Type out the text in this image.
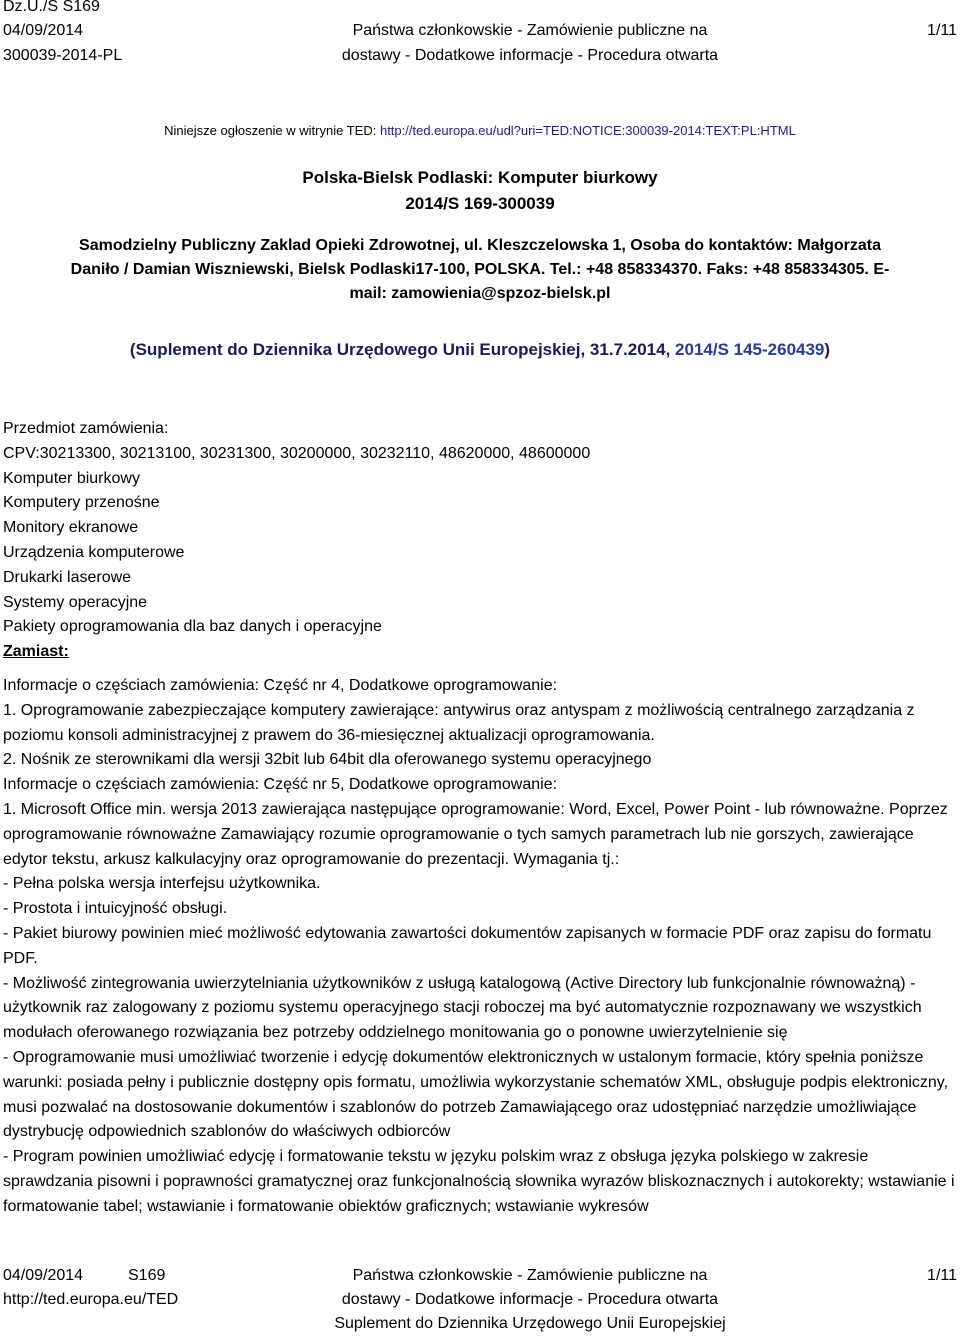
Dz.U./S S169
04/09/2014
300039-2014-PL
Państwa członkowskie - Zamówienie publiczne na
dostawy - Dodatkowe informacje - Procedura otwarta
1/11
Niniejsze ogłoszenie w witrynie TED: http://ted.europa.eu/udl?uri=TED:NOTICE:300039-2014:TEXT:PL:HTML
Polska-Bielsk Podlaski: Komputer biurkowy
2014/S 169-300039
Samodzielny Publiczny Zaklad Opieki Zdrowotnej, ul. Kleszczelowska 1, Osoba do kontaktów: Małgorzata Daniło / Damian Wiszniewski, Bielsk Podlaski17-100, POLSKA. Tel.: +48 858334370. Faks: +48 858334305. E-mail: zamowienia@spzoz-bielsk.pl
(Suplement do Dziennika Urzędowego Unii Europejskiej, 31.7.2014, 2014/S 145-260439)

Przedmiot zamówienia:

CPV:30213300, 30213100, 30231300, 30200000, 30232110, 48620000, 48600000

Komputer biurkowy

Komputery przenośne

Monitory ekranowe

Urządzenia komputerowe

Drukarki laserowe

Systemy operacyjne

Pakiety oprogramowania dla baz danych i operacyjne

Zamiast:

Informacje o częściach zamówienia: Część nr 4, Dodatkowe oprogramowanie:

1. Oprogramowanie zabezpieczające komputery zawierające: antywirus oraz antyspam z możliwością centralnego zarządzania z poziomu konsoli administracyjnej z prawem do 36-miesięcznej aktualizacji oprogramowania.

2. Nośnik ze sterownikami dla wersji 32bit lub 64bit dla oferowanego systemu operacyjnego

Informacje o częściach zamówienia: Część nr 5, Dodatkowe oprogramowanie:

1. Microsoft Office min. wersja 2013 zawierająca następujące oprogramowanie: Word, Excel, Power Point - lub równoważne. Poprzez oprogramowanie równoważne Zamawiający rozumie oprogramowanie o tych samych parametrach lub nie gorszych, zawierające edytor tekstu, arkusz kalkulacyjny oraz oprogramowanie do prezentacji. Wymagania tj.:

- Pełna polska wersja interfejsu użytkownika.

- Prostota i intuicyjność obsługi.

- Pakiet biurowy powinien mieć możliwość edytowania zawartości dokumentów zapisanych w formacie PDF oraz zapisu do formatu PDF.

- Możliwość zintegrowania uwierzytelniania użytkowników z usługą katalogową (Active Directory lub funkcjonalnie równoważną) - użytkownik raz zalogowany z poziomu systemu operacyjnego stacji roboczej ma być automatycznie rozpoznawany we wszystkich modułach oferowanego rozwiązania bez potrzeby oddzielnego monitowania go o ponowne uwierzytelnienie się

- Oprogramowanie musi umożliwiać tworzenie i edycję dokumentów elektronicznych w ustalonym formacie, który spełnia poniższe warunki: posiada pełny i publicznie dostępny opis formatu, umożliwia wykorzystanie schematów XML, obsługuje podpis elektroniczny, musi pozwalać na dostosowanie dokumentów i szablonów do potrzeb Zamawiającego oraz udostępniać narzędzie umożliwiające dystrybucję odpowiednich szablonów do właściwych odbiorców

- Program powinien umożliwiać edycję i formatowanie tekstu w języku polskim wraz z obsługa języka polskiego w zakresie sprawdzania pisowni i poprawności gramatycznej oraz funkcjonalnością słownika wyrazów bliskoznacznych i autokorekty; wstawianie i formatowanie tabel; wstawianie i formatowanie obiektów graficznych; wstawianie wykresów

04/09/2014	S169
http://ted.europa.eu/TED
Państwa członkowskie - Zamówienie publiczne na
dostawy - Dodatkowe informacje - Procedura otwarta
Suplement do Dziennika Urzędowego Unii Europejskiej
1/11
